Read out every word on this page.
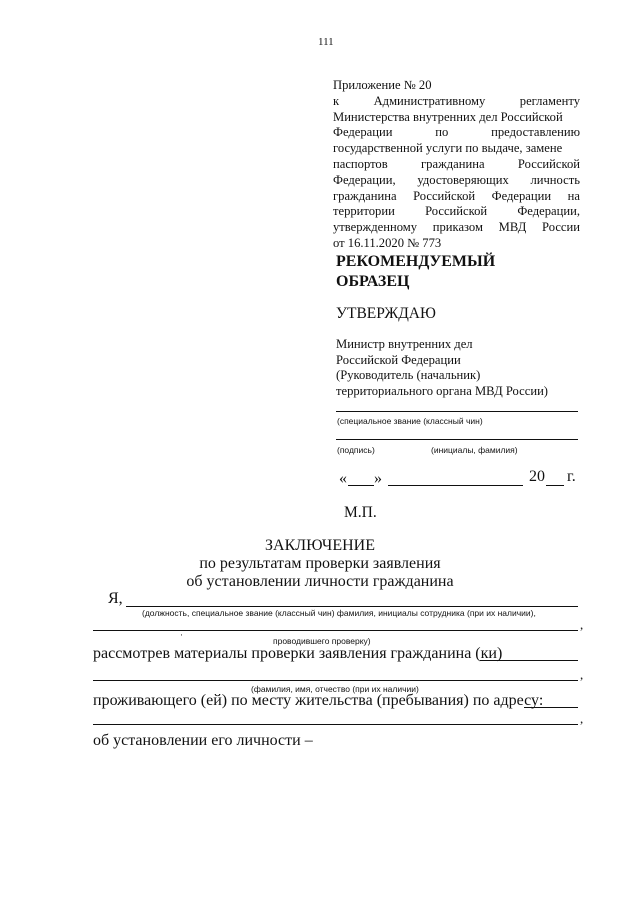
111
Приложение № 20
к	Административному	регламенту
Министерства внутренних дел Российской
Федерации	по	предоставлению
государственной услуги по выдаче, замене
паспортов	гражданина	Российской
Федерации, удостоверяющих личность
гражданина Российской Федерации на
территории Российской Федерации,
утвержденному приказом МВД России
от 16.11.2020 № 773
РЕКОМЕНДУЕМЫЙ
ОБРАЗЕЦ
УТВЕРЖДАЮ
Министр внутренних дел
Российской Федерации
(Руководитель (начальник)
территориального органа МВД России)
(специальное звание (классный чин)
(подпись)	(инициалы, фамилия)
« »	20 г.
М.П.
ЗАКЛЮЧЕНИЕ
по результатам проверки заявления
об установлении личности гражданина
Я,
(должность, специальное звание (классный чин) фамилия, инициалы сотрудника (при их наличии),
,
·
проводившего проверку)
рассмотрев материалы проверки заявления гражданина (ки)
,
(фамилия, имя, отчество (при их наличии)
проживающего (ей) по месту жительства (пребывания) по адресу:
,
об установлении его личности –
